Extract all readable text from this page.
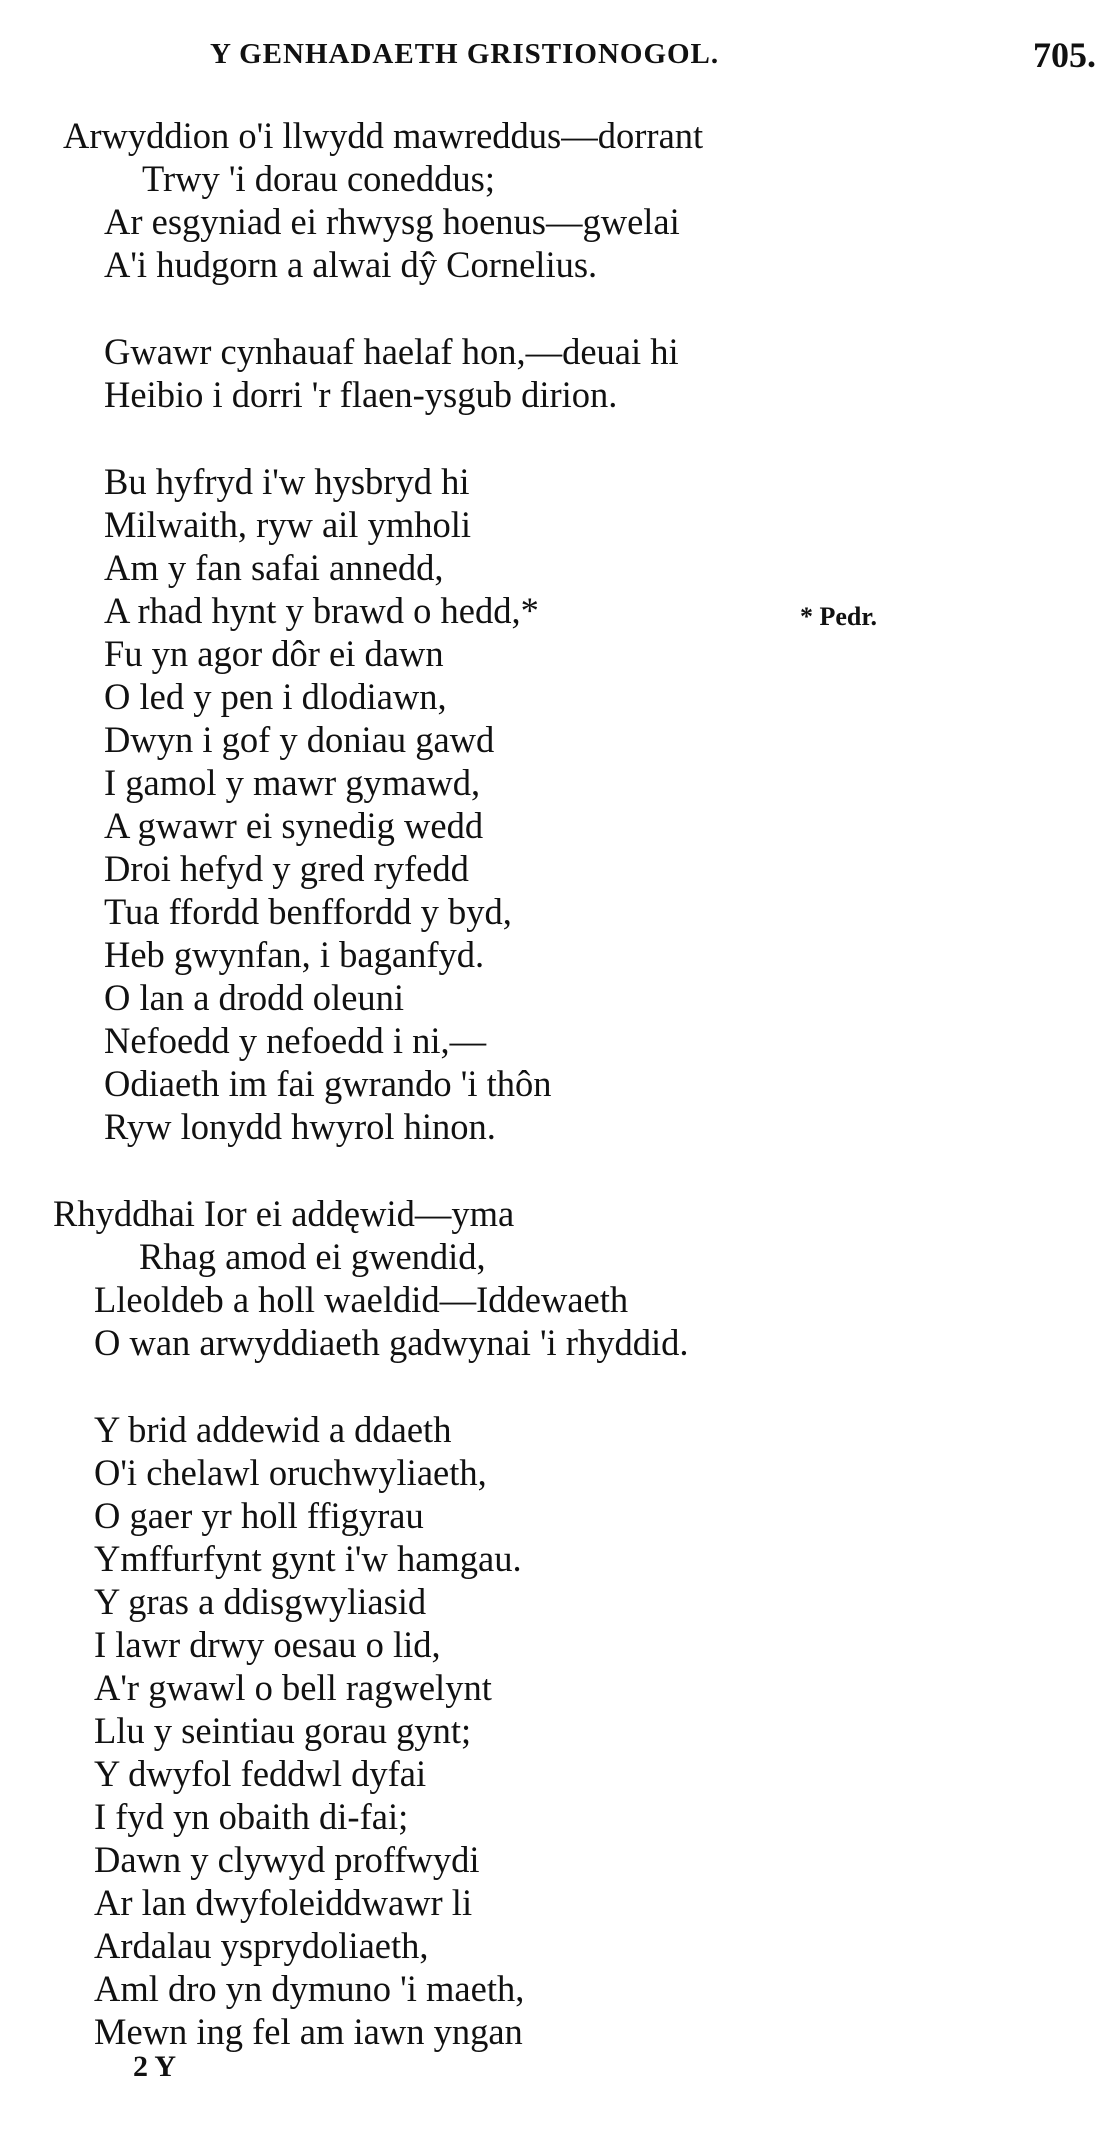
Y GENHADAETH GRISTIONOGOL.	705.
Arwyddion o'i llwydd mawreddus—dorrant
Trwy 'i dorau coneddus;
Ar esgyniad ei rhwysg hoenus—gwelai
A'i hudgorn a alwai dŷ Cornelius.
Gwawr cynhauaf haelaf hon,—deuai hi
Heibio i dorri 'r flaen-ysgub dirion.
Bu hyfryd i'w hysbryd hi
Milwaith, ryw ail ymholi
Am y fan safai annedd,
A rhad hynt y brawd o hedd,*
Fu yn agor dôr ei dawn
O led y pen i dlodiawn,
Dwyn i gof y doniau gawd
I gamol y mawr gymawd,
A gwawr ei synedig wedd
Droi hefyd y gred ryfedd
Tua ffordd benffordd y byd,
Heb gwynfan, i baganfyd.
O lan a drodd oleuni
Nefoedd y nefoedd i ni,—
Odiaeth im fai gwrando 'i thôn
Ryw lonydd hwyrol hinon.
* Pedr.
Rhyddhai Ior ei addęwid—yma
Rhag amod ei gwendid,
Lleoldeb a holl waeldid—Iddewaeth
O wan arwyddiaeth gadwynai 'i rhyddid.
Y brid addewid a ddaeth
O'i chelawl oruchwyliaeth,
O gaer yr holl ffigyrau
Ymffurfynt gynt i'w hamgau.
Y gras a ddisgwyliasid
I lawr drwy oesau o lid,
A'r gwawl o bell ragwelynt
Llu y seintiau gorau gynt;
Y dwyfol feddwl dyfai
I fyd yn obaith di-fai;
Dawn y clywyd proffwydi
Ar lan dwyfoleiddwawr li
Ardalau ysprydoliaeth,
Aml dro yn dymuno 'i maeth,
Mewn ing fel am iawn yngan
2 Y
